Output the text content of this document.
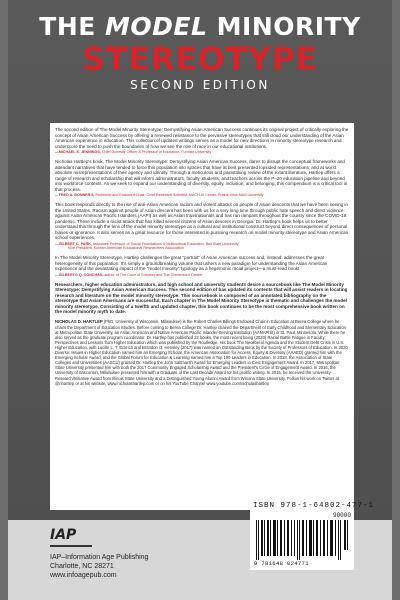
THE MODEL MINORITY
STEREOTYPE
SECOND EDITION

The second edition of The Model Minority Stereotype: Demystifying Asian American Success continues its original project of critically exploring the concept of Asian American Success by offering a renewed resistance to the pervasive stereotypes that still cloud our understanding of the Asian American experience in education. This collection of updated writings serves as a model for new directions in minority stereotype research and underscore the need to push the boundaries of how we see the role of race in our educational institutions.
—MICHAEL E. JENNINGS, Chief Diversity Officer & Professor of Education, Furman University

Nicholas Hartlep's book, The Model Minority Stereotype: Demystifying Asian American Success, dares to disrupt the conceptual frameworks and attendant narratives that have tended to force this population into spaces that have at best presented lopsided representations, and at worst absolute misrepresentations of their agency and identity. Through a meticulous and painstaking review of the extant literature, Hartlep offers a range of research and scholarship that will inform administrators, faculty, students, and teachers across the P–20 education pipeline and beyond into workforce contexts. As we seek to expand our understanding of diversity, equity, inclusion, and belonging, this compendium is a critical tool in that process.
—FRED A. BONNER II, Professor and Endowed Chair, Chief Research Scientist, MACH-III Center, Prairie View A&M University

This book responds directly to the rise of anti-Asian American racism and violent attacks on people of Asian descents that we have been seeing in the United States. Racism against people of Asian descent has been with us for a very long time through public hate speech and direct violence against Asian American Pacific Islanders (AAPI) as well as Asian transnationals and has run rampant throughout the country since the COVID-19 pandemic. These include a racist attack that has killed several citizens of Asian descent in Georgia. Dr. Hartlep's book helps us to better understand this through the lens of the model minority stereotype as a cultural and institutional construct beyond direct consequences of personal biases or ignorance. It also serves as a great resource for those interested in pursuing research on model minority stereotype and Asian American school experiences.
—GILBERT C. PARK, Associate Professor of Social Foundations & Multicultural Education, Ball State University
Vice President, Korean American Educational Researchers Association

In The Model Minority Stereotype, Hartlep challenges the great "portrait" of Asian American success and, instead, addresses the great heterogeneity of this population. It's simply a groundbreaking volume that ushers a new paradigm for understanding the Asian American experience and the devastating impact of the "model minority" typology as a hegemonic racial project—a must-read book!
—GILBERTO Q. CONCHAS, author of The Color of Success and The Chicana/o/x Dream

Researchers, higher education administrators, and high school and university students desire a sourcebook like The Model Minority Stereotype: Demystifying Asian American Success. This second edition of has updated its contents that will assist readers in locating research and literature on the model minority stereotype. This sourcebook is composed of an annotated bibliography on the stereotype that Asian Americans are successful. Each chapter in The Model Minority Stereotype is thematic and challenges the model minority stereotype. Consisting of a twelfth and updated chapter, this book continues to be the most comprehensive book written on the model minority myth to date.

NICHOLAS D. HARTLEP (PhD, University of Wisconsin, Milwaukee) is the Robert Charles Billings Endowed Chair in Education at Berea College where he chairs the Department of Education Studies. Before coming to Berea College Dr. Hartlep chaired the Department of Early Childhood and Elementary Education at Metropolitan State University, an Asian American and Native American Pacific Islander-Serving Institution (AANAPISI) in St. Paul, Minnesota. While there he also served as the graduate program coordinator. Dr. Hartlep has published 22 books, the most recent being (2020) Racial Battle Fatigue in Faculty: Perspectives and Lessons from Higher Education which was published by the Routledge. His book The Neoliberal Agenda and the Student Debt Crisis in U.S. Higher Education, with Lucille L. T. Eckrich and Brandon O. Hensley (2017) was named an Outstanding Book by the Society of Professors of Education. In 2020 Diverse: Issues in Higher Education named him an Emerging Scholar, the American Association for Access, Equity & Diversity (AAAED) granted him with the Emerging Scholar Award, and the Global Forum for Education & Learning named him a Top 100 Leaders in Education. In 2018, the Association of State Colleges and Universities (AASCU) granted Dr. Hartlep the John Saltmarsh Award for Emerging Leaders in Civic Engagement Award. In 2017, Metropolitan State University presented him with both the 2017 Community Engaged Scholarship Award and the President's Circle of Engagement Award. In 2016, the University of Wisconsin, Milwaukee presented him with a Graduate of the Last Decade Award for his prolific writing. In 2015, he received the University Research/Initiative Award from Illinois State University and a Distinguished Young Alumni Award from Winona State University. Follow his work on Twitter at @nhartlep or at his website, www.nicholashartlep.com or on his YouTube Channel www.youtube.com/nicholashartlep

IAP
IAP–Information Age Publishing
Charlotte, NC 28271
www.infoagepub.com
ISBN 978-1-64802-477-1
90000
9 781648 024771
